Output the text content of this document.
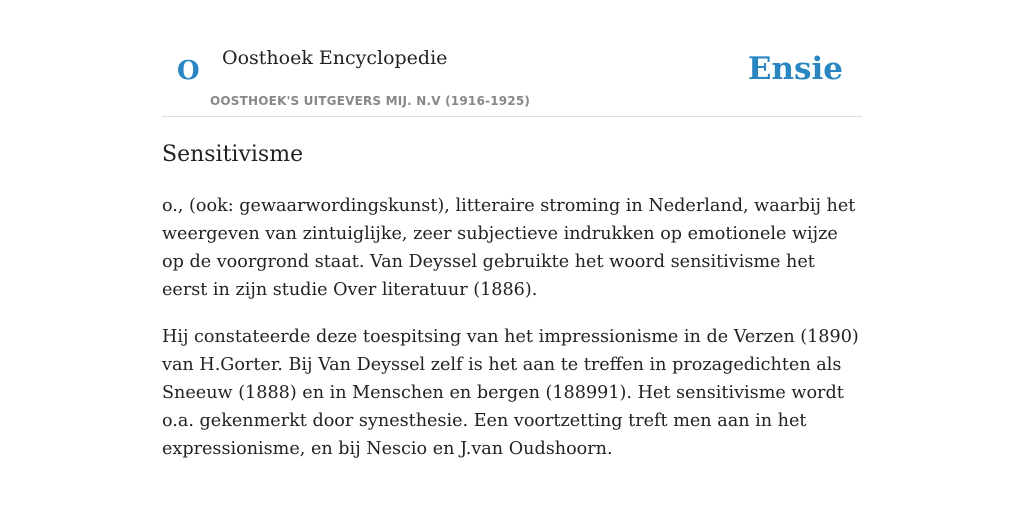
O Oosthoek Encyclopedie
OOSTHOEK'S UITGEVERS MIJ. N.V (1916-1925)
Ensie
Sensitivisme

o., (ook: gewaarwordingskunst), litteraire stroming in Nederland, waarbij het weergeven van zintuiglijke, zeer subjectieve indrukken op emotionele wijze op de voorgrond staat. Van Deyssel gebruikte het woord sensitivisme het eerst in zijn studie Over literatuur (1886).

Hij constateerde deze toespitsing van het impressionisme in de Verzen (1890) van H.Gorter. Bij Van Deyssel zelf is het aan te treffen in prozagedichten als Sneeuw (1888) en in Menschen en bergen (188991). Het sensitivisme wordt o.a. gekenmerkt door synesthesie. Een voortzetting treft men aan in het expressionisme, en bij Nescio en J.van Oudshoorn.
